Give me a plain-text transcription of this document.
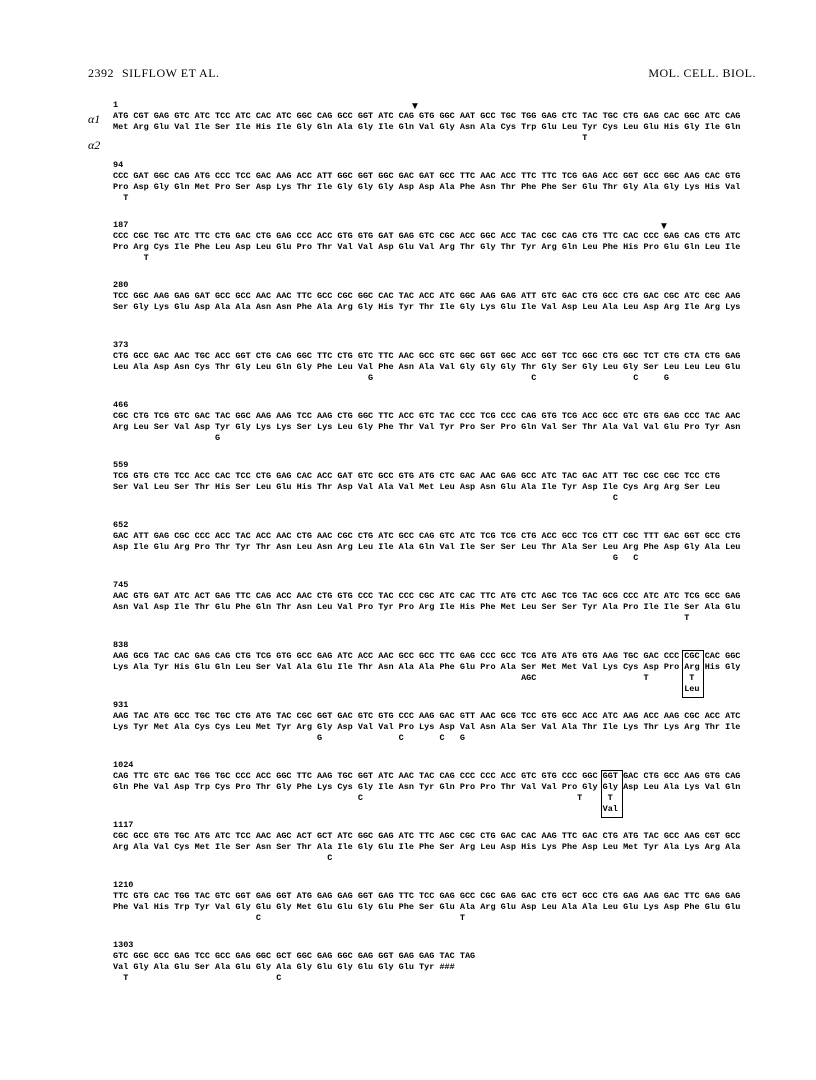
2392 SILFLOW ET AL.	MOL. CELL. BIOL.
α1
α2
▼
▼
1
ATG CGT GAG GTC ATC TCC ATC CAC ATC GGC CAG GCC GGT ATC CAG GTG GGC AAT GCC TGC TGG GAG CTC TAC TGC CTG GAG CAC GGC ATC CAG
Met Arg Glu Val Ile Ser Ile His Ile Gly Gln Ala Gly Ile Gln Val Gly Asn Ala Cys Trp Glu Leu Tyr Cys Leu Glu His Gly Ile Gln
T
94
CCC GAT GGC CAG ATG CCC TCC GAC AAG ACC ATT GGC GGT GGC GAC GAT GCC TTC AAC ACC TTC TTC TCG GAG ACC GGT GCC GGC AAG CAC GTG
Pro Asp Gly Gln Met Pro Ser Asp Lys Thr Ile Gly Gly Gly Asp Asp Ala Phe Asn Thr Phe Phe Ser Glu Thr Gly Ala Gly Lys His Val
T
187
CCC CGC TGC ATC TTC CTG GAC CTG GAG CCC ACC GTG GTG GAT GAG GTC CGC ACC GGC ACC TAC CGC CAG CTG TTC CAC CCC GAG CAG CTG ATC
Pro Arg Cys Ile Phe Leu Asp Leu Glu Pro Thr Val Val Asp Glu Val Arg Thr Gly Thr Tyr Arg Gln Leu Phe His Pro Glu Gln Leu Ile
T
280
TCC GGC AAG GAG GAT GCC GCC AAC AAC TTC GCC CGC GGC CAC TAC ACC ATC GGC AAG GAG ATT GTC GAC CTG GCC CTG GAC CGC ATC CGC AAG
Ser Gly Lys Glu Asp Ala Ala Asn Asn Phe Ala Arg Gly His Tyr Thr Ile Gly Lys Glu Ile Val Asp Leu Ala Leu Asp Arg Ile Arg Lys
373
CTG GCC GAC AAC TGC ACC GGT CTG CAG GGC TTC CTG GTC TTC AAC GCC GTC GGC GGT GGC ACC GGT TCC GGC CTG GGC TCT CTG CTA CTG GAG
Leu Ala Asp Asn Cys Thr Gly Leu Gln Gly Phe Leu Val Phe Asn Ala Val Gly Gly Gly Thr Gly Ser Gly Leu Gly Ser Leu Leu Leu Glu
G                               C                   C     G
466
CGC CTG TCG GTC GAC TAC GGC AAG AAG TCC AAG CTG GGC TTC ACC GTC TAC CCC TCG CCC CAG GTG TCG ACC GCC GTC GTG GAG CCC TAC AAC
Arg Leu Ser Val Asp Tyr Gly Lys Lys Ser Lys Leu Gly Phe Thr Val Tyr Pro Ser Pro Gln Val Ser Thr Ala Val Val Glu Pro Tyr Asn
G
559
TCG GTG CTG TCC ACC CAC TCC CTG GAG CAC ACC GAT GTC GCC GTG ATG CTC GAC AAC GAG GCC ATC TAC GAC ATT TGC CGC CGC TCC CTG
Ser Val Leu Ser Thr His Ser Leu Glu His Thr Asp Val Ala Val Met Leu Asp Asn Glu Ala Ile Tyr Asp Ile Cys Arg Arg Ser Leu
C
652
GAC ATT GAG CGC CCC ACC TAC ACC AAC CTG AAC CGC CTG ATC GCC CAG GTC ATC TCG TCG CTG ACC GCC TCG CTT CGC TTT GAC GGT GCC CTG
Asp Ile Glu Arg Pro Thr Tyr Thr Asn Leu Asn Arg Leu Ile Ala Gln Val Ile Ser Ser Leu Thr Ala Ser Leu Arg Phe Asp Gly Ala Leu
G   C
745
AAC GTG GAT ATC ACT GAG TTC CAG ACC AAC CTG GTG CCC TAC CCC CGC ATC CAC TTC ATG CTC AGC TCG TAC GCG CCC ATC ATC TCG GCC GAG
Asn Val Asp Ile Thr Glu Phe Gln Thr Asn Leu Val Pro Tyr Pro Arg Ile His Phe Met Leu Ser Ser Tyr Ala Pro Ile Ile Ser Ala Glu
T
838
AAG GCG TAC CAC GAG CAG CTG TCG GTG GCC GAG ATC ACC AAC GCC GCC TTC GAG CCC GCC TCG ATG ATG GTG AAG TGC GAC CCC CGC CAC GGC
Lys Ala Tyr His Glu Gln Leu Ser Val Ala Glu Ile Thr Asn Ala Ala Phe Glu Pro Ala Ser Met Met Val Lys Cys Asp Pro Arg His Gly
AGC                     T
931
AAG TAC ATG GCC TGC TGC CTG ATG TAC CGC GGT GAC GTC GTG CCC AAG GAC GTT AAC GCG TCC GTG GCC ACC ATC AAG ACC AAG CGC ACC ATC
Lys Tyr Met Ala Cys Cys Leu Met Tyr Arg Gly Asp Val Val Pro Lys Asp Val Asn Ala Ser Val Ala Thr Ile Lys Thr Lys Arg Thr Ile
G               C       C   G
1024
CAG TTC GTC GAC TGG TGC CCC ACC GGC TTC AAG TGC GGT ATC AAC TAC CAG CCC CCC ACC GTC GTG CCC GGC GGT GAC CTG GCC AAG GTG CAG
Gln Phe Val Asp Trp Cys Pro Thr Gly Phe Lys Cys Gly Ile Asn Tyr Gln Pro Pro Thr Val Val Pro Gly Gly Asp Leu Ala Lys Val Gln
C                                          T
1117
CGC GCC GTG TGC ATG ATC TCC AAC AGC ACT GCT ATC GGC GAG ATC TTC AGC CGC CTG GAC CAC AAG TTC GAC CTG ATG TAC GCC AAG CGT GCC
Arg Ala Val Cys Met Ile Ser Asn Ser Thr Ala Ile Gly Glu Ile Phe Ser Arg Leu Asp His Lys Phe Asp Leu Met Tyr Ala Lys Arg Ala
C
1210
TTC GTG CAC TGG TAC GTC GGT GAG GGT ATG GAG GAG GGT GAG TTC TCC GAG GCC CGC GAG GAC CTG GCT GCC CTG GAG AAG GAC TTC GAG GAG
Phe Val His Trp Tyr Val Gly Glu Gly Met Glu Glu Gly Glu Phe Ser Glu Ala Arg Glu Asp Leu Ala Ala Leu Glu Lys Asp Phe Glu Glu
C                                       T
1303
GTC GGC GCC GAG TCC GCC GAG GGC GCT GGC GAG GGC GAG GGT GAG GAG TAC TAG
Val Gly Ala Glu Ser Ala Glu Gly Ala Gly Glu Gly Glu Gly Glu Tyr ###
T                             C
T
Leu
T
Val
